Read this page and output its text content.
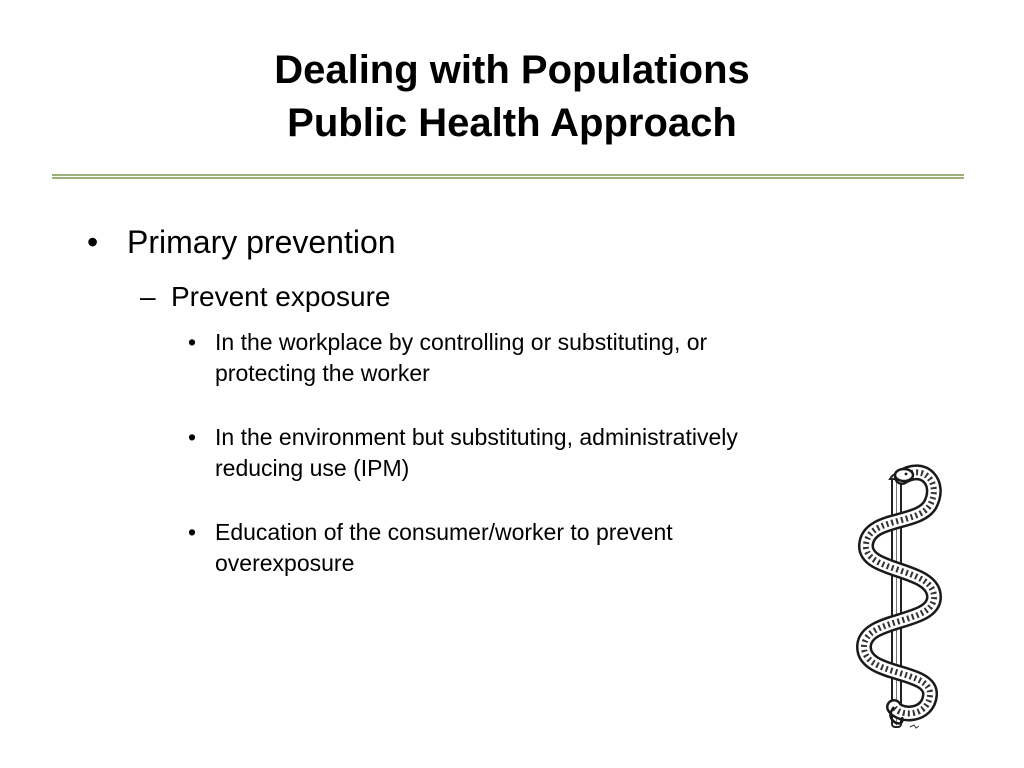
Dealing with Populations
Public Health Approach
• Primary prevention
– Prevent exposure
• In the workplace by controlling or substituting, or protecting the worker
• In the environment but substituting, administratively reducing use (IPM)
• Education of the consumer/worker to prevent overexposure
